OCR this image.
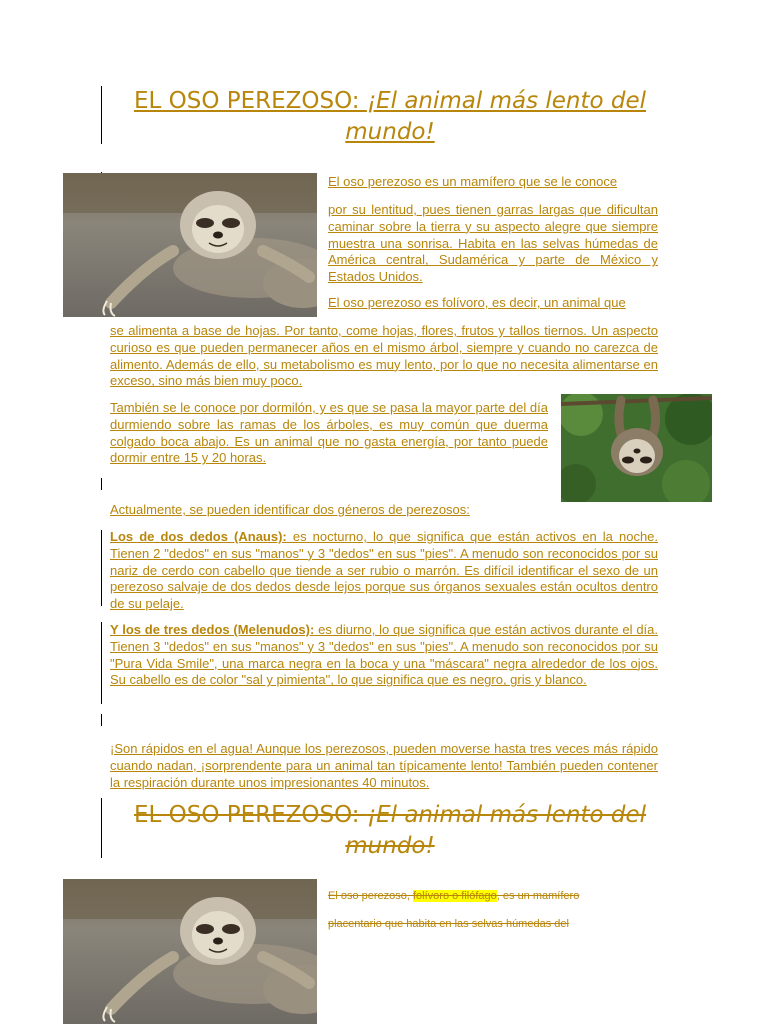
EL OSO PEREZOSO: ¡El animal más lento del mundo!
El oso perezoso es un mamífero que se le conoce
por su lentitud, pues tienen garras largas que dificultan caminar sobre la tierra y su aspecto alegre que siempre muestra una sonrisa. Habita en las selvas húmedas de América central, Sudamérica y parte de México y Estados Unidos.
El oso perezoso es folívoro, es decir, un animal que
se alimenta a base de hojas. Por tanto, come hojas, flores, frutos y tallos tiernos. Un aspecto curioso es que pueden permanecer años en el mismo árbol, siempre y cuando no carezca de alimento. Además de ello, su metabolismo es muy lento, por lo que no necesita alimentarse en exceso, sino más bien muy poco.
También se le conoce por dormilón, y es que se pasa la mayor parte del día durmiendo sobre las ramas de los árboles, es muy común que duerma colgado boca abajo. Es un animal que no gasta energía, por tanto puede dormir entre 15 y 20 horas.
Actualmente, se pueden identificar dos géneros de perezosos:
Los de dos dedos (Anaus): es nocturno, lo que significa que están activos en la noche. Tienen 2 "dedos" en sus "manos" y 3 "dedos" en sus "pies". A menudo son reconocidos por su nariz de cerdo con cabello que tiende a ser rubio o marrón. Es difícil identificar el sexo de un perezoso salvaje de dos dedos desde lejos porque sus órganos sexuales están ocultos dentro de su pelaje.
Y los de tres dedos (Melenudos): es diurno, lo que significa que están activos durante el día. Tienen 3 "dedos" en sus "manos" y 3 "dedos" en sus "pies". A menudo son reconocidos por su "Pura Vida Smile", una marca negra en la boca y una "máscara" negra alrededor de los ojos. Su cabello es de color "sal y pimienta", lo que significa que es negro, gris y blanco.
¡Son rápidos en el agua! Aunque los perezosos, pueden moverse hasta tres veces más rápido cuando nadan, ¡sorprendente para un animal tan típicamente lento! También pueden contener la respiración durante unos impresionantes 40 minutos.
EL OSO PEREZOSO: ¡El animal más lento del mundo!
El oso perezoso, folívoro o filófago, es un mamífero
placentario que habita en las selvas húmedas del
